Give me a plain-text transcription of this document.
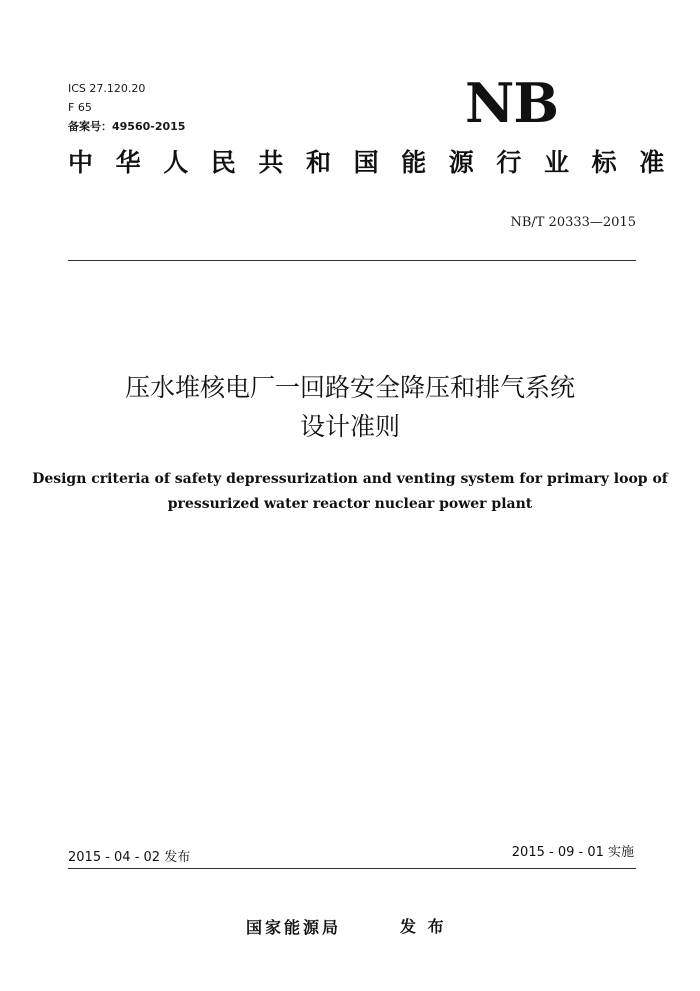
ICS 27.120.20
F 65
备案号：49560-2015	NB
中华人民共和国能源行业标准
NB/T 20333—2015
压水堆核电厂一回路安全降压和排气系统
设计准则
Design criteria of safety depressurization and venting system for primary loop of
pressurized water reactor nuclear power plant
2015 - 04 - 02 发布	2015 - 09 - 01 实施
国家能源局	发 布
